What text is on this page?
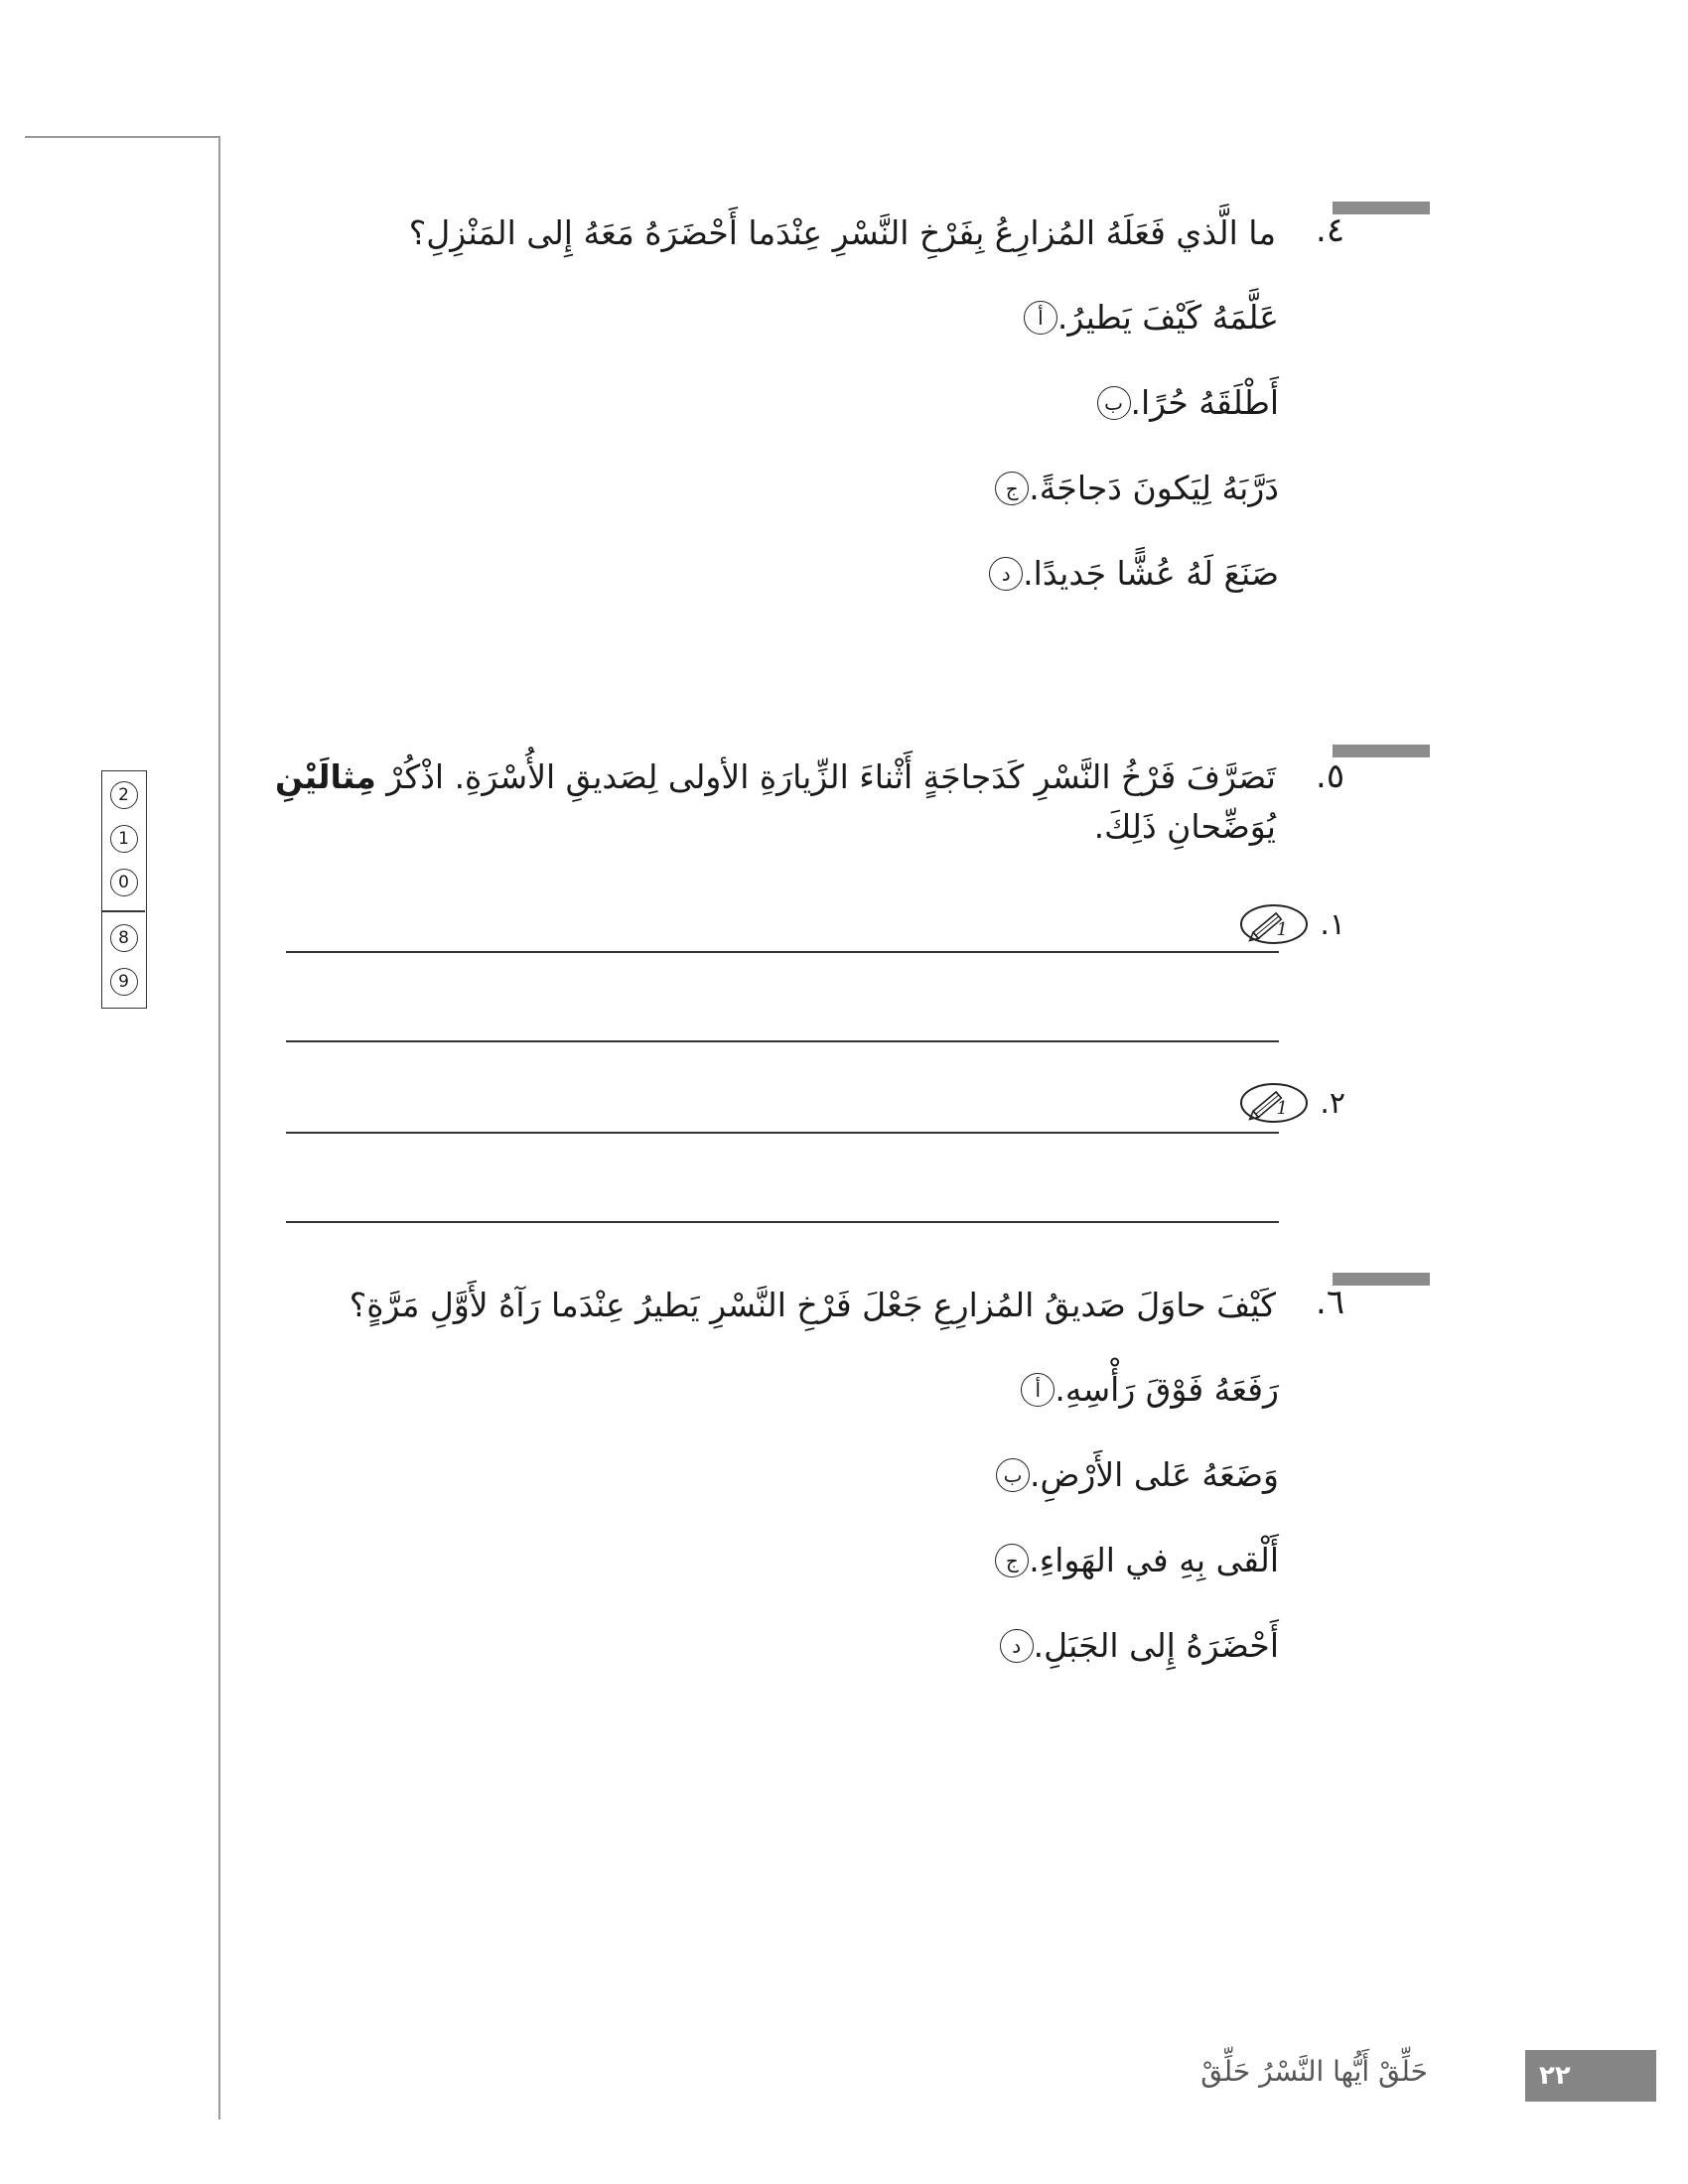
2
1
0
8
9
٤.
ما الَّذي فَعَلَهُ المُزارِعُ بِفَرْخِ النَّسْرِ عِنْدَما أَحْضَرَهُ مَعَهُ إِلى المَنْزِلِ؟
أ عَلَّمَهُ كَيْفَ يَطيرُ.
ب أَطْلَقَهُ حُرًا.
ج دَرَّبَهُ لِيَكونَ دَجاجَةً.
د صَنَعَ لَهُ عُشًّا جَديدًا.
٥.
تَصَرَّفَ فَرْخُ النَّسْرِ كَدَجاجَةٍ أَثْناءَ الزِّيارَةِ الأولى لِصَديقِ الأُسْرَةِ. اذْكُرْ مِثالَيْنِ
يُوَضِّحانِ ذَلِكَ.
1 ١.
1 ٢.
٦.
كَيْفَ حاوَلَ صَديقُ المُزارِعِ جَعْلَ فَرْخِ النَّسْرِ يَطيرُ عِنْدَما رَآهُ لأَوَّلِ مَرَّةٍ؟
أ رَفَعَهُ فَوْقَ رَأْسِهِ.
ب وَضَعَهُ عَلى الأَرْضِ.
ج أَلْقى بِهِ في الهَواءِ.
د أَحْضَرَهُ إِلى الجَبَلِ.
حَلِّقْ أَيُّها النَّسْرُ حَلِّقْ	٢٢
